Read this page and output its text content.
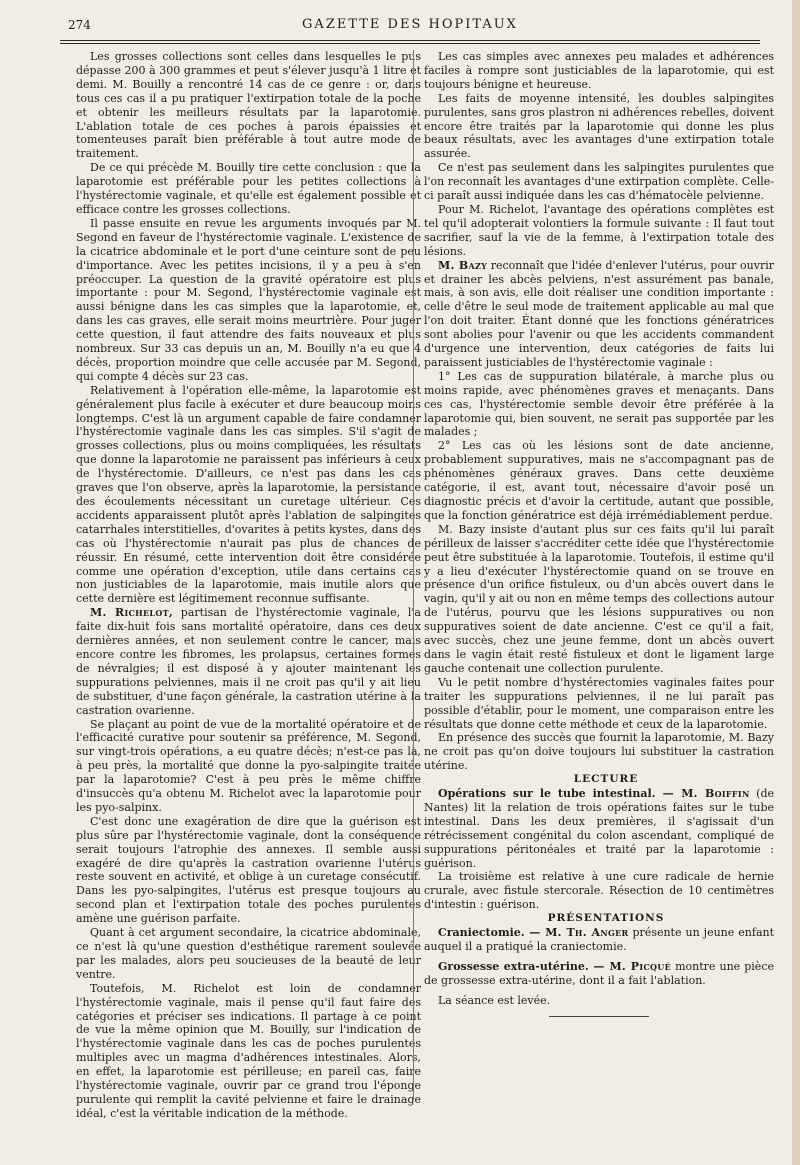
274	GAZETTE DES HOPITAUX

Les grosses collections sont celles dans lesquelles le pus dépasse 200 à 300 grammes et peut s'élever jusqu'à 1 litre et demi. M. Bouilly a rencontré 14 cas de ce genre : or, dans tous ces cas il a pu pratiquer l'extirpation totale de la poche et obtenir les meilleurs résultats par la laparotomie. L'ablation totale de ces poches à parois épaissies et tomenteuses paraît bien préférable à tout autre mode de traitement.

De ce qui précède M. Bouilly tire cette conclusion : que la laparotomie est préférable pour les petites collections à l'hystérectomie vaginale, et qu'elle est également possible et efficace contre les grosses collections.

Il passe ensuite en revue les arguments invoqués par M. Segond en faveur de l'hystérectomie vaginale. L'existence de la cicatrice abdominale et le port d'une ceinture sont de peu d'importance. Avec les petites incisions, il y a peu à s'en préoccuper. La question de la gravité opératoire est plus importante : pour M. Segond, l'hystérectomie vaginale est aussi bénigne dans les cas simples que la laparotomie, et, dans les cas graves, elle serait moins meurtrière. Pour juger cette question, il faut attendre des faits nouveaux et plus nombreux. Sur 33 cas depuis un an, M. Bouilly n'a eu que 4 décès, proportion moindre que celle accusée par M. Segond, qui compte 4 décès sur 23 cas.

Relativement à l'opération elle-même, la laparotomie est généralement plus facile à exécuter et dure beaucoup moins longtemps. C'est là un argument capable de faire condamner l'hystérectomie vaginale dans les cas simples. S'il s'agit de grosses collections, plus ou moins compliquées, les résultats que donne la laparotomie ne paraissent pas inférieurs à ceux de l'hystérectomie. D'ailleurs, ce n'est pas dans les cas graves que l'on observe, après la laparotomie, la persistance des écoulements nécessitant un curetage ultérieur. Ces accidents apparaissent plutôt après l'ablation de salpingites catarrhales interstitielles, d'ovarites à petits kystes, dans des cas où l'hystérectomie n'aurait pas plus de chances de réussir. En résumé, cette intervention doit être considérée comme une opération d'exception, utile dans certains cas non justiciables de la laparotomie, mais inutile alors que cette dernière est légitimement reconnue suffisante.

M. Richelot, partisan de l'hystérectomie vaginale, l'a faite dix-huit fois sans mortalité opératoire, dans ces deux dernières années, et non seulement contre le cancer, mais encore contre les fibromes, les prolapsus, certaines formes de névralgies; il est disposé à y ajouter maintenant les suppurations pelviennes, mais il ne croit pas qu'il y ait lieu de substituer, d'une façon générale, la castration utérine à la castration ovarienne.

Se plaçant au point de vue de la mortalité opératoire et de l'efficacité curative pour soutenir sa préférence, M. Segond, sur vingt-trois opérations, a eu quatre décès; n'est-ce pas là, à peu près, la mortalité que donne la pyo-salpingite traitée par la laparotomie? C'est à peu près le même chiffre d'insuccès qu'a obtenu M. Richelot avec la laparotomie pour les pyo-salpinx.

C'est donc une exagération de dire que la guérison est plus sûre par l'hystérectomie vaginale, dont la conséquence serait toujours l'atrophie des annexes. Il semble aussi exagéré de dire qu'après la castration ovarienne l'utérus reste souvent en activité, et oblige à un curetage consécutif. Dans les pyo-salpingites, l'utérus est presque toujours au second plan et l'extirpation totale des poches purulentes amène une guérison parfaite.

Quant à cet argument secondaire, la cicatrice abdominale, ce n'est là qu'une question d'esthétique rarement soulevée par les malades, alors peu soucieuses de la beauté de leur ventre.

Toutefois, M. Richelot est loin de condamner l'hystérectomie vaginale, mais il pense qu'il faut faire des catégories et préciser ses indications. Il partage à ce point de vue la même opinion que M. Bouilly, sur l'indication de l'hystérectomie vaginale dans les cas de poches purulentes multiples avec un magma d'adhérences intestinales. Alors, en effet, la laparotomie est périlleuse; en pareil cas, faire l'hystérectomie vaginale, ouvrir par ce grand trou l'éponge purulente qui remplit la cavité pelvienne et faire le drainage idéal, c'est la véritable indication de la méthode.

Les cas simples avec annexes peu malades et adhérences faciles à rompre sont justiciables de la laparotomie, qui est toujours bénigne et heureuse.

Les faits de moyenne intensité, les doubles salpingites purulentes, sans gros plastron ni adhérences rebelles, doivent encore être traités par la laparotomie qui donne les plus beaux résultats, avec les avantages d'une extirpation totale assurée.

Ce n'est pas seulement dans les salpingites purulentes que l'on reconnaît les avantages d'une extirpation complète. Celle-ci paraît aussi indiquée dans les cas d'hématocèle pelvienne.

Pour M. Richelot, l'avantage des opérations complètes est tel qu'il adopterait volontiers la formule suivante : Il faut tout sacrifier, sauf la vie de la femme, à l'extirpation totale des lésions.

M. Bazy reconnaît que l'idée d'enlever l'utérus, pour ouvrir et drainer les abcès pelviens, n'est assurément pas banale, mais, à son avis, elle doit réaliser une condition importante : celle d'être le seul mode de traitement applicable au mal que l'on doit traiter. Étant donné que les fonctions génératrices sont abolies pour l'avenir ou que les accidents commandent d'urgence une intervention, deux catégories de faits lui paraissent justiciables de l'hystérectomie vaginale :

1° Les cas de suppuration bilatérale, à marche plus ou moins rapide, avec phénomènes graves et menaçants. Dans ces cas, l'hystérectomie semble devoir être préférée à la laparotomie qui, bien souvent, ne serait pas supportée par les malades ;

2° Les cas où les lésions sont de date ancienne, probablement suppuratives, mais ne s'accompagnant pas de phénomènes généraux graves. Dans cette deuxième catégorie, il est, avant tout, nécessaire d'avoir posé un diagnostic précis et d'avoir la certitude, autant que possible, que la fonction génératrice est déjà irrémédiablement perdue.

M. Bazy insiste d'autant plus sur ces faits qu'il lui paraît périlleux de laisser s'accréditer cette idée que l'hystérectomie peut être substituée à la laparotomie. Toutefois, il estime qu'il y a lieu d'exécuter l'hystérectomie quand on se trouve en présence d'un orifice fistuleux, ou d'un abcès ouvert dans le vagin, qu'il y ait ou non en même temps des collections autour de l'utérus, pourvu que les lésions suppuratives ou non suppuratives soient de date ancienne. C'est ce qu'il a fait, avec succès, chez une jeune femme, dont un abcès ouvert dans le vagin était resté fistuleux et dont le ligament large gauche contenait une collection purulente.

Vu le petit nombre d'hystérectomies vaginales faites pour traiter les suppurations pelviennes, il ne lui paraît pas possible d'établir, pour le moment, une comparaison entre les résultats que donne cette méthode et ceux de la laparotomie.

En présence des succès que fournit la laparotomie, M. Bazy ne croit pas qu'on doive toujours lui substituer la castration utérine.

LECTURE

Opérations sur le tube intestinal. — M. Boiffin (de Nantes) lit la relation de trois opérations faites sur le tube intestinal. Dans les deux premières, il s'agissait d'un rétrécissement congénital du colon ascendant, compliqué de suppurations péritonéales et traité par la laparotomie : guérison.

La troisième est relative à une cure radicale de hernie crurale, avec fistule stercorale. Résection de 10 centimètres d'intestin : guérison.

PRÉSENTATIONS

Craniectomie. — M. Th. Anger présente un jeune enfant auquel il a pratiqué la craniectomie.

Grossesse extra-utérine. — M. Picqué montre une pièce de grossesse extra-utérine, dont il a fait l'ablation.

La séance est levée.
